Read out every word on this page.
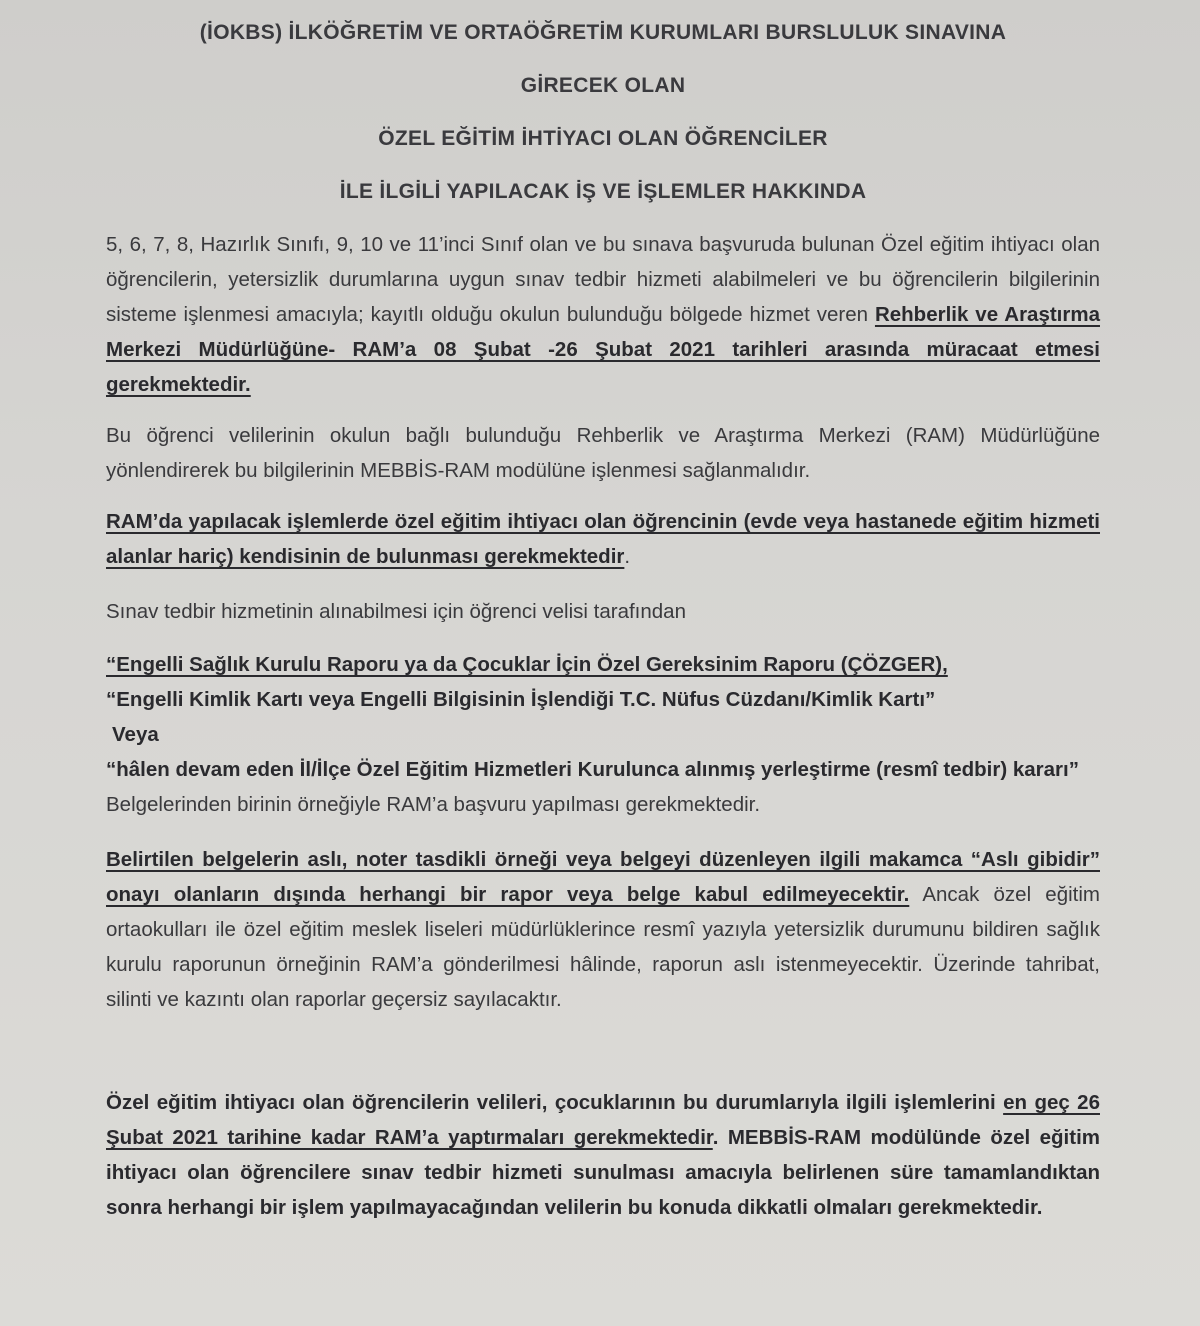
(İOKBS) İLKÖĞRETİM VE ORTAÖĞRETİM KURUMLARI BURSLULUK SINAVINA

GİRECEK OLAN

ÖZEL EĞİTİM İHTİYACI OLAN ÖĞRENCİLER

İLE İLGİLİ YAPILACAK İŞ VE İŞLEMLER HAKKINDA

5, 6, 7, 8, Hazırlık Sınıfı, 9, 10 ve 11’inci Sınıf olan ve bu sınava başvuruda bulunan Özel eğitim ihtiyacı olan öğrencilerin, yetersizlik durumlarına uygun sınav tedbir hizmeti alabilmeleri ve bu öğrencilerin bilgilerinin sisteme işlenmesi amacıyla; kayıtlı olduğu okulun bulunduğu bölgede hizmet veren Rehberlik ve Araştırma Merkezi Müdürlüğüne- RAM’a 08 Şubat -26 Şubat 2021 tarihleri arasında müracaat etmesi gerekmektedir.

Bu öğrenci velilerinin okulun bağlı bulunduğu Rehberlik ve Araştırma Merkezi (RAM) Müdürlüğüne yönlendirerek bu bilgilerinin MEBBİS-RAM modülüne işlenmesi sağlanmalıdır.

RAM’da yapılacak işlemlerde özel eğitim ihtiyacı olan öğrencinin (evde veya hastanede eğitim hizmeti alanlar hariç) kendisinin de bulunması gerekmektedir.

Sınav tedbir hizmetinin alınabilmesi için öğrenci velisi tarafından

“Engelli Sağlık Kurulu Raporu ya da Çocuklar İçin Özel Gereksinim Raporu (ÇÖZGER),
“Engelli Kimlik Kartı veya Engelli Bilgisinin İşlendiği T.C. Nüfus Cüzdanı/Kimlik Kartı”
Veya
“hâlen devam eden İl/İlçe Özel Eğitim Hizmetleri Kurulunca alınmış yerleştirme (resmî tedbir) kararı”
Belgelerinden birinin örneğiyle RAM’a başvuru yapılması gerekmektedir.

Belirtilen belgelerin aslı, noter tasdikli örneği veya belgeyi düzenleyen ilgili makamca “Aslı gibidir” onayı olanların dışında herhangi bir rapor veya belge kabul edilmeyecektir. Ancak özel eğitim ortaokulları ile özel eğitim meslek liseleri müdürlüklerince resmî yazıyla yetersizlik durumunu bildiren sağlık kurulu raporunun örneğinin RAM’a gönderilmesi hâlinde, raporun aslı istenmeyecektir. Üzerinde tahribat, silinti ve kazıntı olan raporlar geçersiz sayılacaktır.

Özel eğitim ihtiyacı olan öğrencilerin velileri, çocuklarının bu durumlarıyla ilgili işlemlerini en geç 26 Şubat 2021 tarihine kadar RAM’a yaptırmaları gerekmektedir. MEBBİS-RAM modülünde özel eğitim ihtiyacı olan öğrencilere sınav tedbir hizmeti sunulması amacıyla belirlenen süre tamamlandıktan sonra herhangi bir işlem yapılmayacağından velilerin bu konuda dikkatli olmaları gerekmektedir.
